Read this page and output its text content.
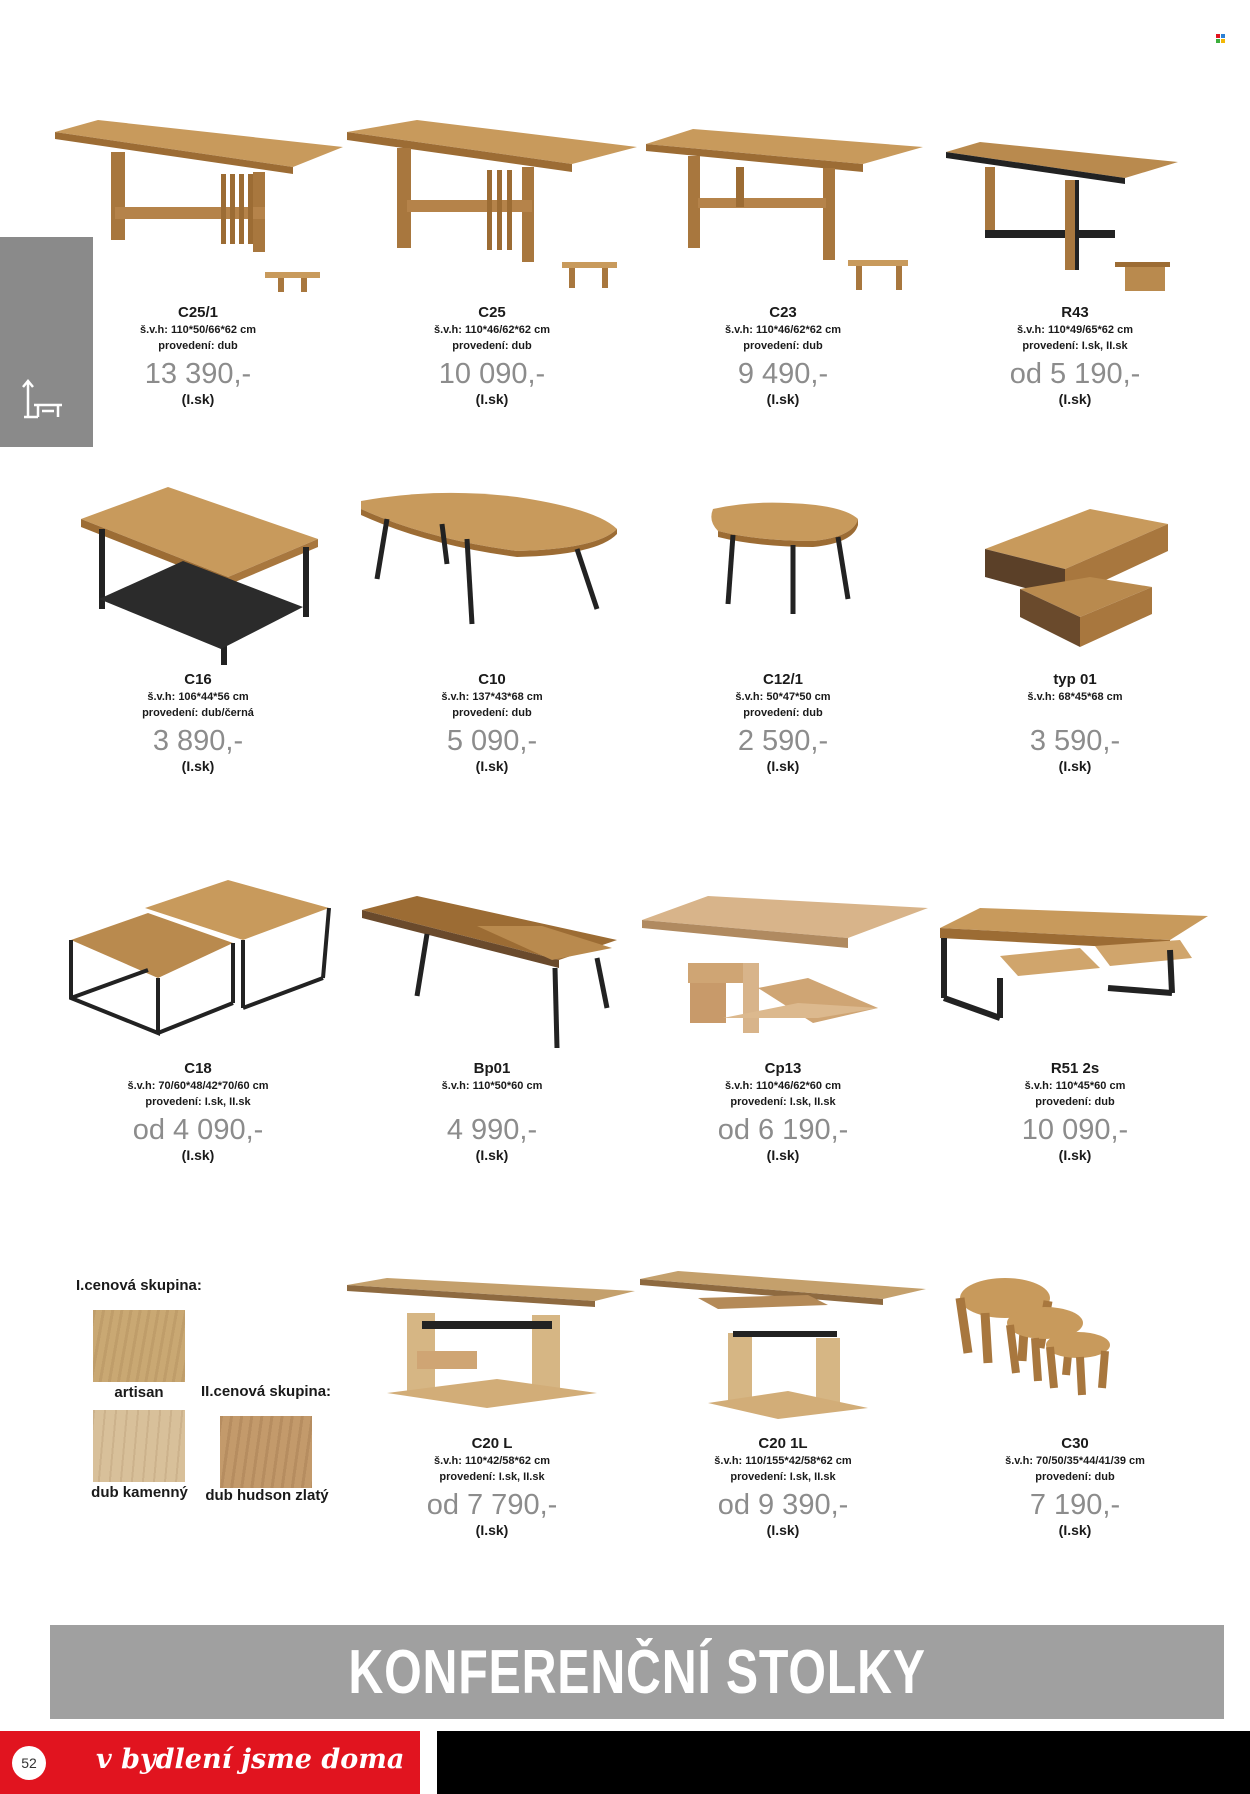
C25/1
š.v.h: 110*50/66*62 cm
provedení: dub
13 390,-
(I.sk)
C25
š.v.h: 110*46/62*62 cm
provedení: dub
10 090,-
(I.sk)
C23
š.v.h: 110*46/62*62 cm
provedení: dub
9 490,-
(I.sk)
R43
š.v.h: 110*49/65*62 cm
provedení: I.sk, II.sk
od 5 190,-
(I.sk)
C16
š.v.h: 106*44*56 cm
provedení: dub/černá
3 890,-
(I.sk)
C10
š.v.h: 137*43*68 cm
provedení: dub
5 090,-
(I.sk)
C12/1
š.v.h: 50*47*50 cm
provedení: dub
2 590,-
(I.sk)
typ 01
š.v.h: 68*45*68 cm
3 590,-
(I.sk)
C18
š.v.h: 70/60*48/42*70/60 cm
provedení: I.sk, II.sk
od 4 090,-
(I.sk)
Bp01
š.v.h: 110*50*60 cm
4 990,-
(I.sk)
Cp13
š.v.h: 110*46/62*60 cm
provedení: I.sk, II.sk
od 6 190,-
(I.sk)
R51 2s
š.v.h: 110*45*60 cm
provedení: dub
10 090,-
(I.sk)
I.cenová skupina:
artisan
dub kamenný
II.cenová skupina:
dub hudson zlatý
C20 L
š.v.h: 110*42/58*62 cm
provedení: I.sk, II.sk
od 7 790,-
(I.sk)
C20 1L
š.v.h: 110/155*42/58*62 cm
provedení: I.sk, II.sk
od 9 390,-
(I.sk)
C30
š.v.h: 70/50/35*44/41/39 cm
provedení: dub
7 190,-
(I.sk)
KONFERENČNÍ STOLKY
52	v bydlení jsme doma
